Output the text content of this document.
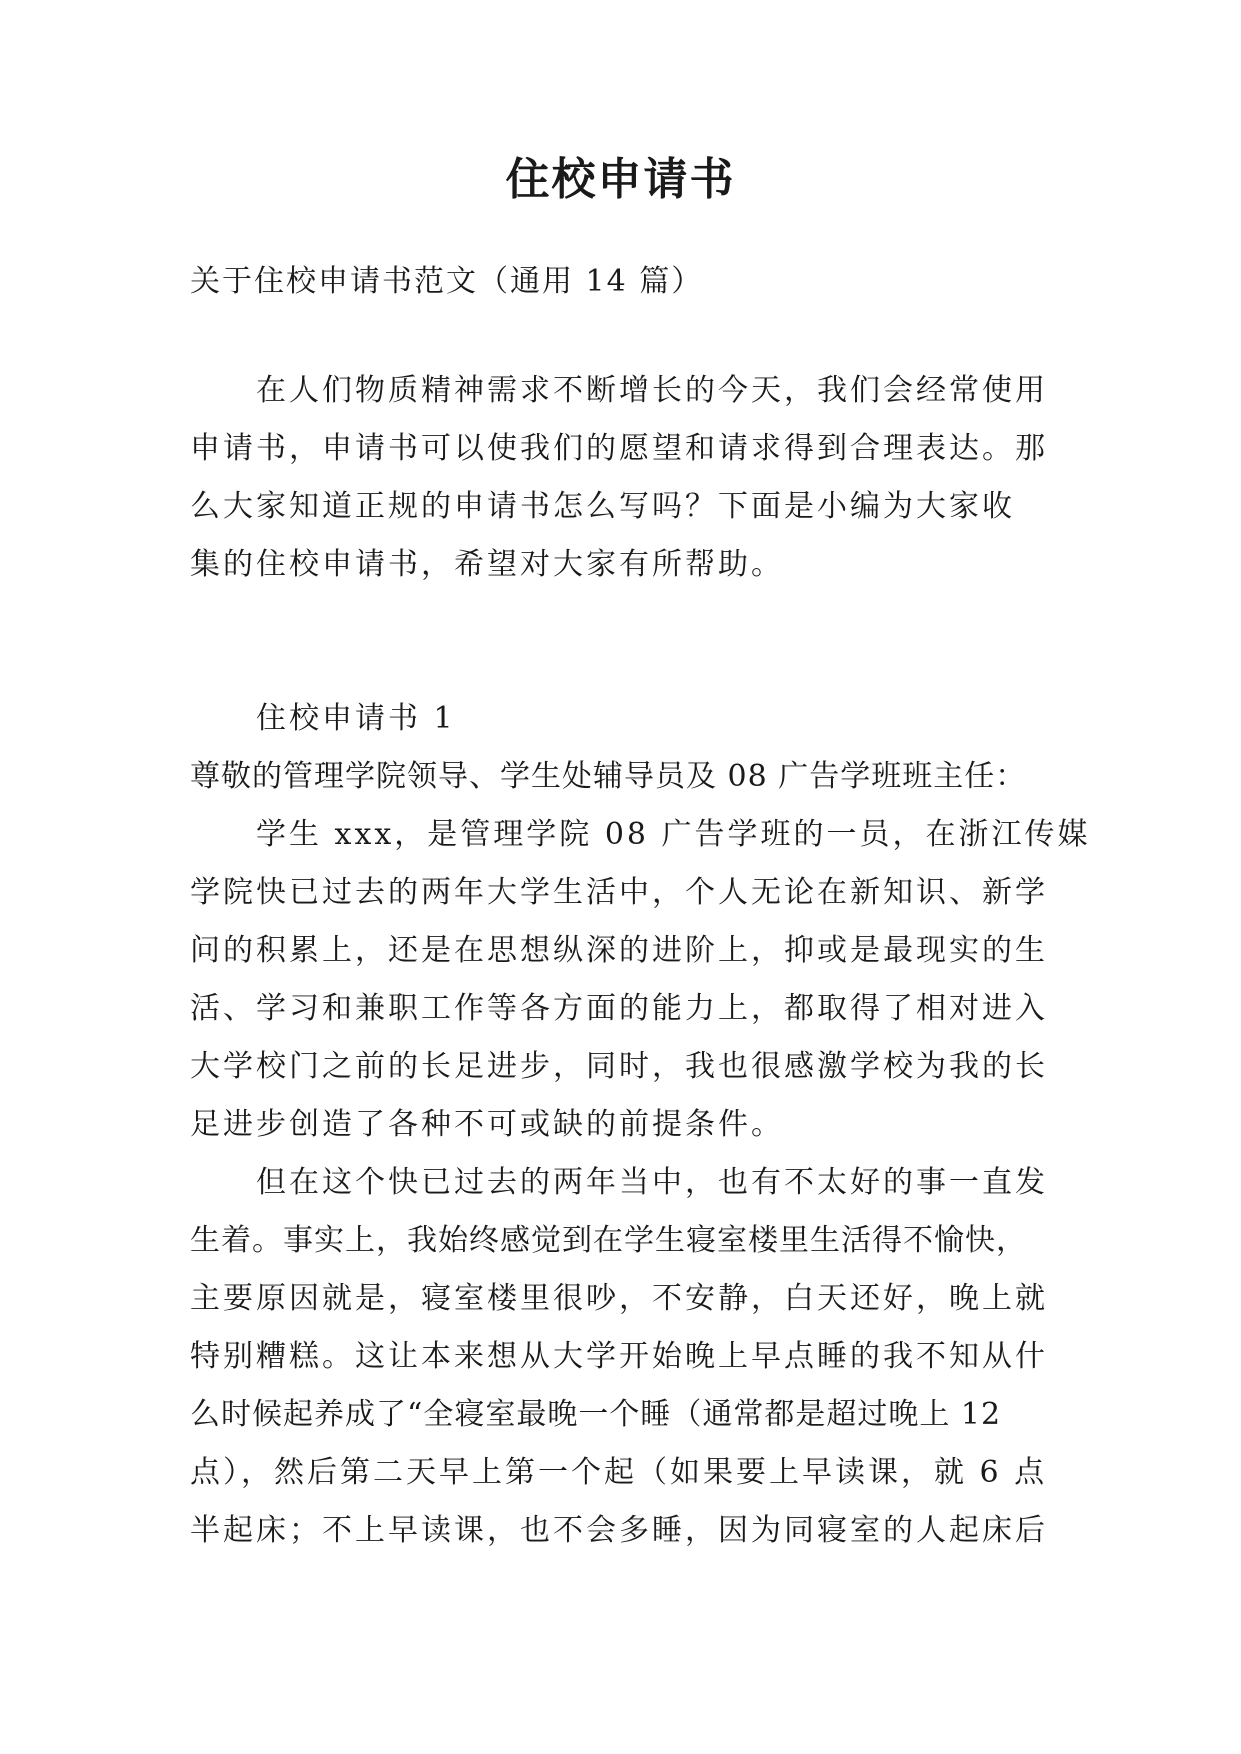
住校申请书

关于住校申请书范文（通用 14 篇）

在人们物质精神需求不断增长的今天，我们会经常使用
申请书，申请书可以使我们的愿望和请求得到合理表达。那
么大家知道正规的申请书怎么写吗？下面是小编为大家收
集的住校申请书，希望对大家有所帮助。
住校申请书 1
尊敬的管理学院领导、学生处辅导员及 08 广告学班班主任：
学生 xxx，是管理学院 08 广告学班的一员，在浙江传媒
学院快已过去的两年大学生活中，个人无论在新知识、新学
问的积累上，还是在思想纵深的进阶上，抑或是最现实的生
活、学习和兼职工作等各方面的能力上，都取得了相对进入
大学校门之前的长足进步，同时，我也很感激学校为我的长
足进步创造了各种不可或缺的前提条件。
但在这个快已过去的两年当中，也有不太好的事一直发
生着。事实上，我始终感觉到在学生寝室楼里生活得不愉快，
主要原因就是，寝室楼里很吵，不安静，白天还好，晚上就
特别糟糕。这让本来想从大学开始晚上早点睡的我不知从什
么时候起养成了“全寝室最晚一个睡（通常都是超过晚上 12
点），然后第二天早上第一个起（如果要上早读课，就 6 点
半起床；不上早读课，也不会多睡，因为同寝室的人起床后
